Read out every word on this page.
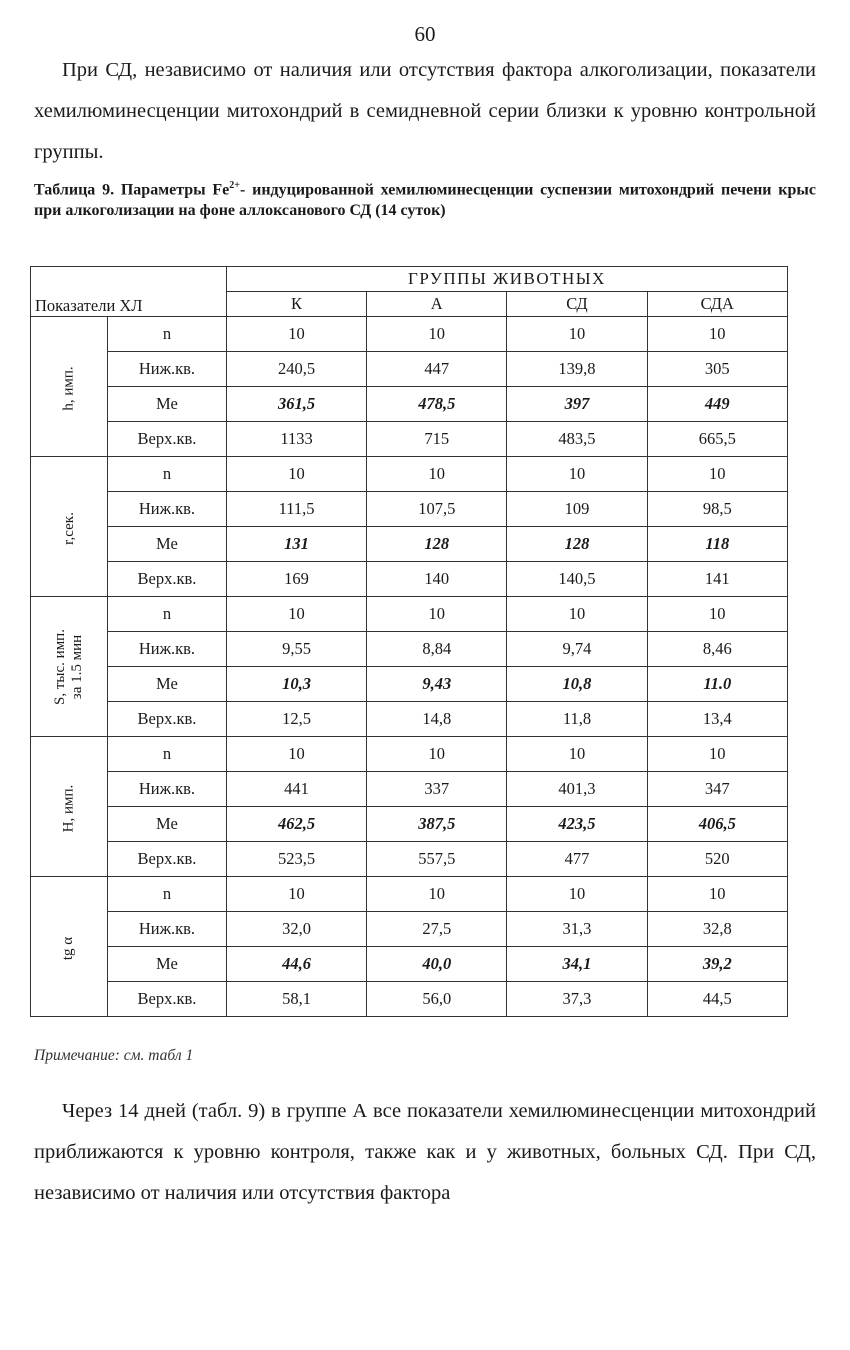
60

При СД, независимо от наличия или отсутствия фактора алкоголизации, показатели хемилюминесценции митохондрий в семидневной серии близки к уровню контрольной группы.

Таблица 9. Параметры $Fe^{2+}-$ индуцированной хемилюминесценции суспензии митохондрий печени крыс при алкоголизации на фоне аллоксанового СД (14 суток)

Показатели ХЛ		ГРУППЫ ЖИВОТНЫХ			
		К	А	СД	СДА

h, имп.	n	10	10	10	10
	Ниж.кв.	240,5	447	139,8	305
	Ме	361,5	478,5	397	449
	Верх.кв.	1133	715	483,5	665,5

r,сек.	n	10	10	10	10
	Ниж.кв.	111,5	107,5	109	98,5
	Ме	131	128	128	118
	Верх.кв.	169	140	140,5	141

S, тыс. имп. за 1.5 мин	n	10	10	10	10
	Ниж.кв.	9,55	8,84	9,74	8,46
	Ме	10,3	9,43	10,8	11.0
	Верх.кв.	12,5	14,8	11,8	13,4

Н, имп.	n	10	10	10	10
	Ниж.кв.	441	337	401,3	347
	Ме	462,5	387,5	423,5	406,5
	Верх.кв.	523,5	557,5	477	520

tg α	n	10	10	10	10
	Ниж.кв.	32,0	27,5	31,3	32,8
	Ме	44,6	40,0	34,1	39,2
	Верх.кв.	58,1	56,0	37,3	44,5
Примечание: см. табл 1

Через 14 дней (табл. 9) в группе А все показатели хемилюминесценции митохондрий приближаются к уровню контроля, также как и у животных, больных СД. При СД, независимо от наличия или отсутствия фактора
